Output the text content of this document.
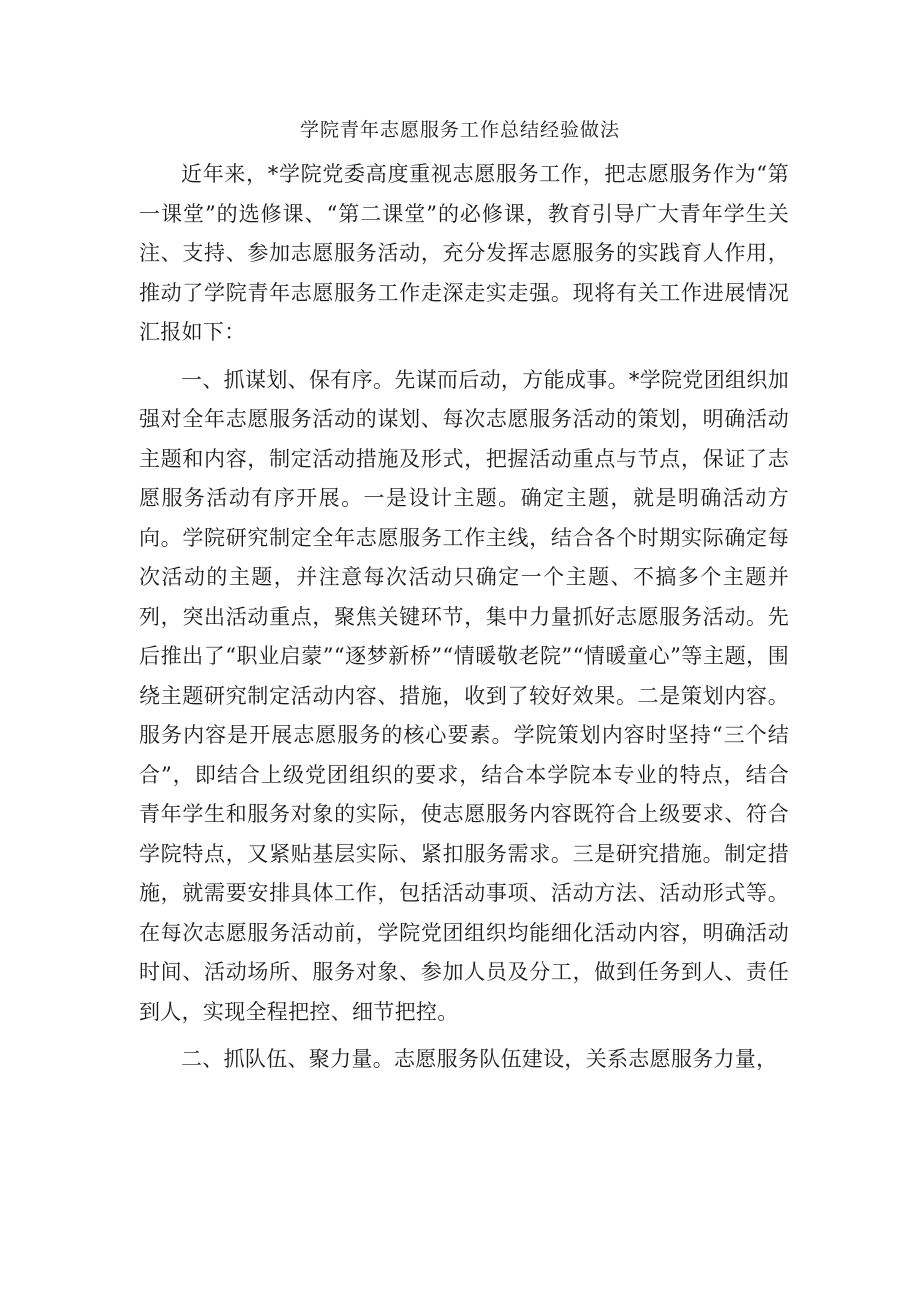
学院青年志愿服务工作总结经验做法

近年来，*学院党委高度重视志愿服务工作，把志愿服务作为“第一课堂”的选修课、“第二课堂”的必修课，教育引导广大青年学生关注、支持、参加志愿服务活动，充分发挥志愿服务的实践育人作用，推动了学院青年志愿服务工作走深走实走强。现将有关工作进展情况汇报如下：

一、抓谋划、保有序。先谋而后动，方能成事。*学院党团组织加强对全年志愿服务活动的谋划、每次志愿服务活动的策划，明确活动主题和内容，制定活动措施及形式，把握活动重点与节点，保证了志愿服务活动有序开展。一是设计主题。确定主题，就是明确活动方向。学院研究制定全年志愿服务工作主线，结合各个时期实际确定每次活动的主题，并注意每次活动只确定一个主题、不搞多个主题并列，突出活动重点，聚焦关键环节，集中力量抓好志愿服务活动。先后推出了“职业启蒙”“逐梦新桥”“情暖敬老院”“情暖童心”等主题，围绕主题研究制定活动内容、措施，收到了较好效果。二是策划内容。服务内容是开展志愿服务的核心要素。学院策划内容时坚持“三个结合”，即结合上级党团组织的要求，结合本学院本专业的特点，结合青年学生和服务对象的实际，使志愿服务内容既符合上级要求、符合学院特点，又紧贴基层实际、紧扣服务需求。三是研究措施。制定措施，就需要安排具体工作，包括活动事项、活动方法、活动形式等。在每次志愿服务活动前，学院党团组织均能细化活动内容，明确活动时间、活动场所、服务对象、参加人员及分工，做到任务到人、责任到人，实现全程把控、细节把控。

二、抓队伍、聚力量。志愿服务队伍建设，关系志愿服务力量，
